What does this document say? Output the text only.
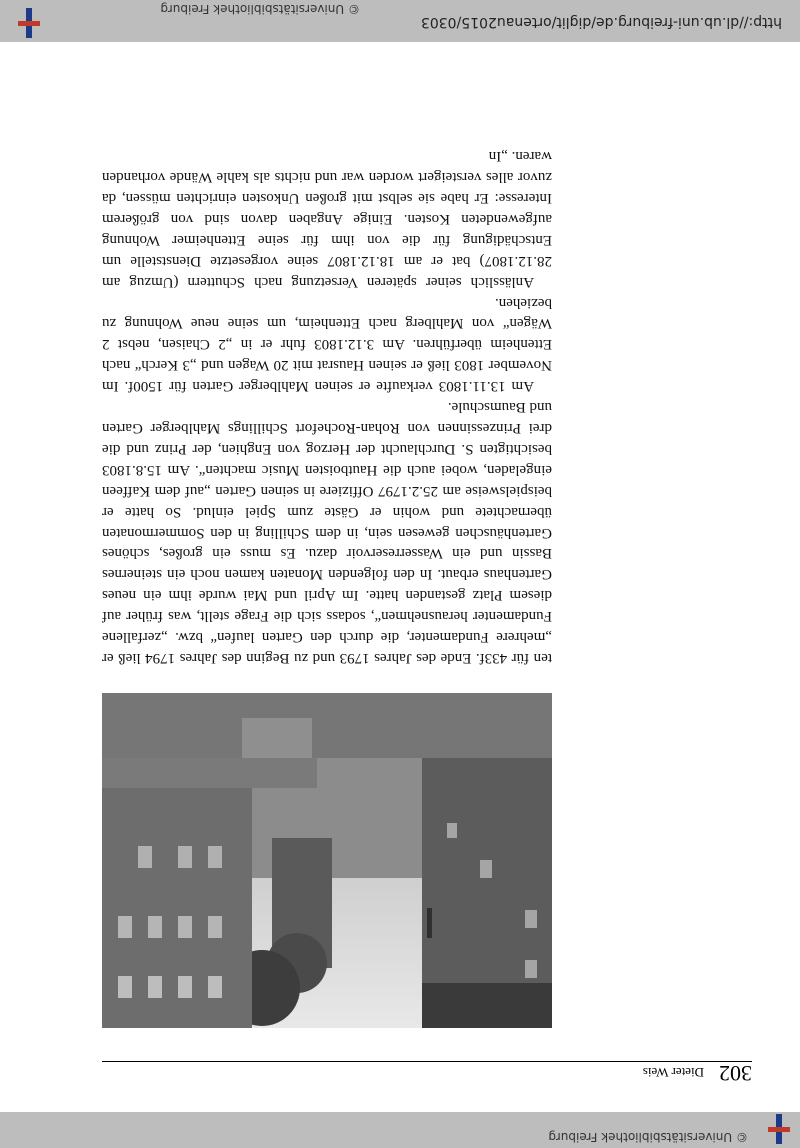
© Universitätsbibliothek Freiburg
302
Dieter Weis

ten für 433f. Ende des Jahres 1793 und zu Beginn des Jahres 1794 ließ er „mehrere Fundamenter, die durch den Garten laufen“ bzw. „zerfallene Fundamenter herausnehmen“, sodass sich die Frage stellt, was früher auf diesem Platz gestanden hatte. Im April und Mai wurde ihm ein neues Gartenhaus erbaut. In den folgenden Monaten kamen noch ein steinernes Bassin und ein Wasserreservoir dazu. Es muss ein großes, schönes Gartenhäuschen gewesen sein, in dem Schilling in den Sommermonaten übernachtete und wohin er Gäste zum Spiel einlud. So hatte er beispielsweise am 25.2.1797 Offiziere in seinen Garten „auf dem Kaffeen eingeladen, wobei auch die Hautboisten Music machten“. Am 15.8.1803 besichtigten S. Durchlaucht der Herzog von Enghien, der Prinz und die drei Prinzessinnen von Rohan-Rochefort Schillings Mahlberger Garten und Baumschule.

Am 13.11.1803 verkaufte er seinen Mahlberger Garten für 1500f. Im November 1803 ließ er seinen Hausrat mit 20 Wagen und „3 Kerch“ nach Ettenheim überführen. Am 3.12.1803 fuhr er in „2 Chaisen, nebst 2 Wägen“ von Mahlberg nach Ettenheim, um seine neue Wohnung zu beziehen.

Anlässlich seiner späteren Versetzung nach Schuttern (Umzug am 28.12.1807) bat er am 18.12.1807 seine vorgesetzte Dienststelle um Entschädigung für die von ihm für seine Ettenheimer Wohnung aufgewendeten Kosten. Einige Angaben davon sind von größerem Interesse: Er habe sie selbst mit großen Unkosten einrichten müssen, da zuvor alles versteigert worden war und nichts als kahle Wände vorhanden waren. „In

http://dl.ub.uni-freiburg.de/diglit/ortenau2015/0303
© Universitätsbibliothek Freiburg
